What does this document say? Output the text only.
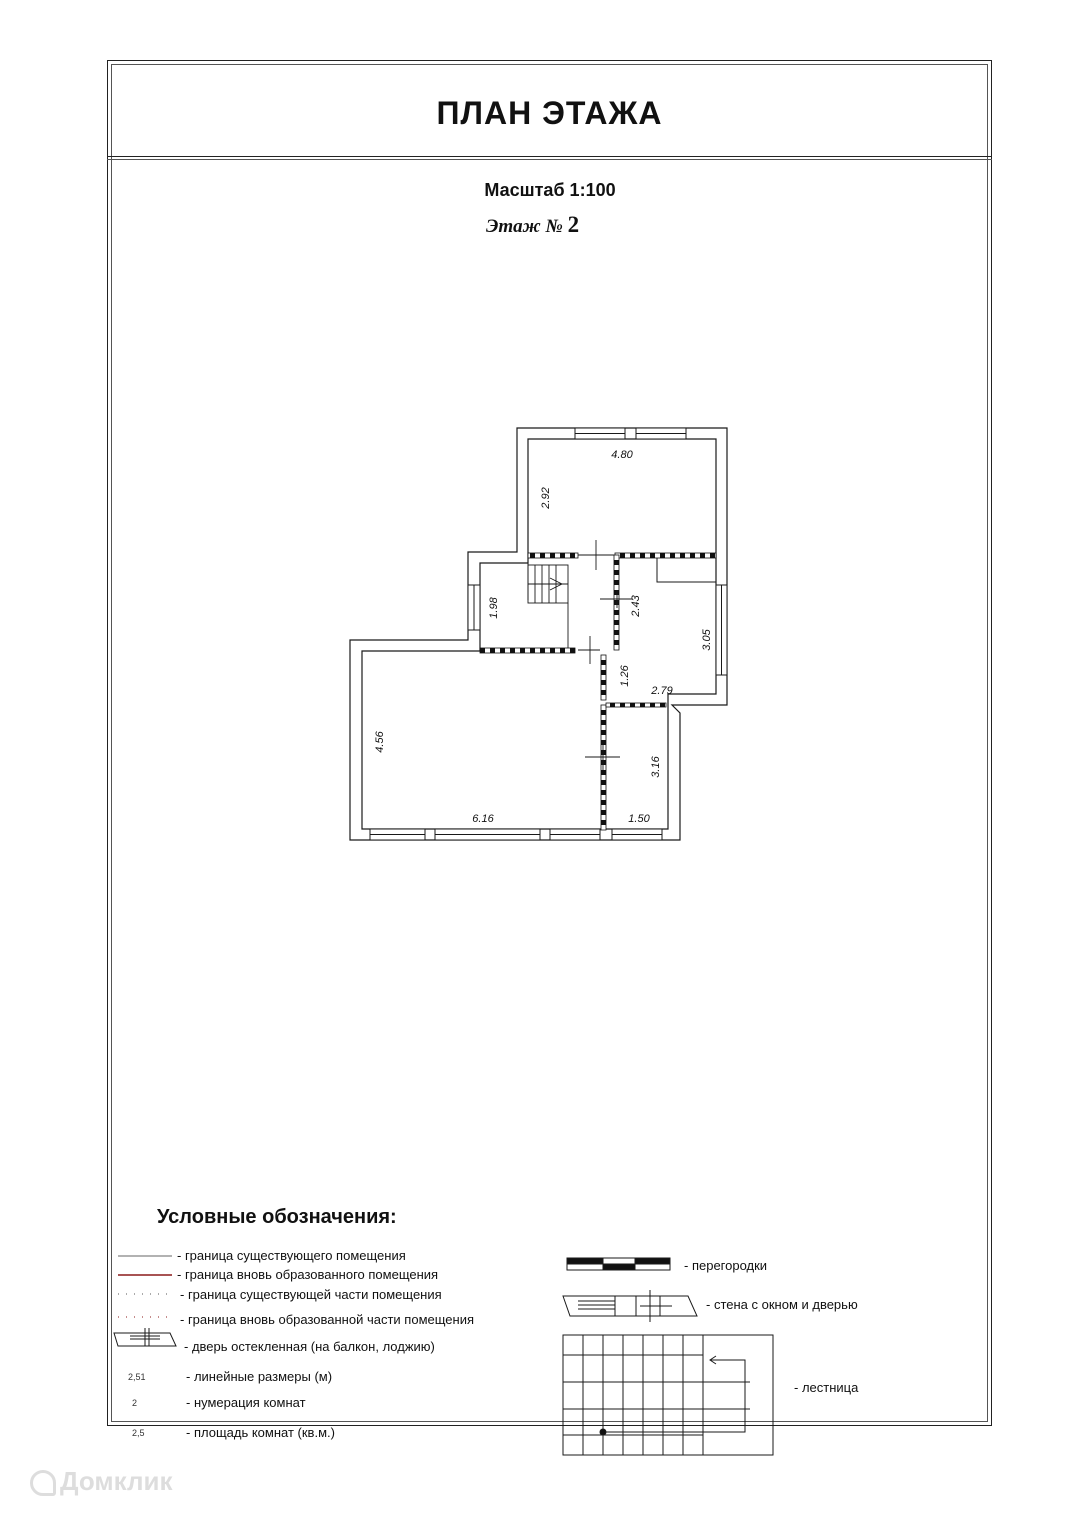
ПЛАН ЭТАЖА
Масштаб 1:100
Этаж № 2
4.80
2.92
1.98	2.43
3.05
1.26
2.79
4.56
6.16
3.16
1.50
Условные обозначения:
- граница существующего помещения
- граница вновь образованного помещения
- граница существующей части помещения
- граница вновь образованной части помещения
- дверь остекленная (на балкон, лоджию)
2,51	- линейные размеры (м)
2	- нумерация комнат
2,5	- площадь комнат (кв.м.)
- перегородки
- стена с окном и дверью
- лестница
Домклик
